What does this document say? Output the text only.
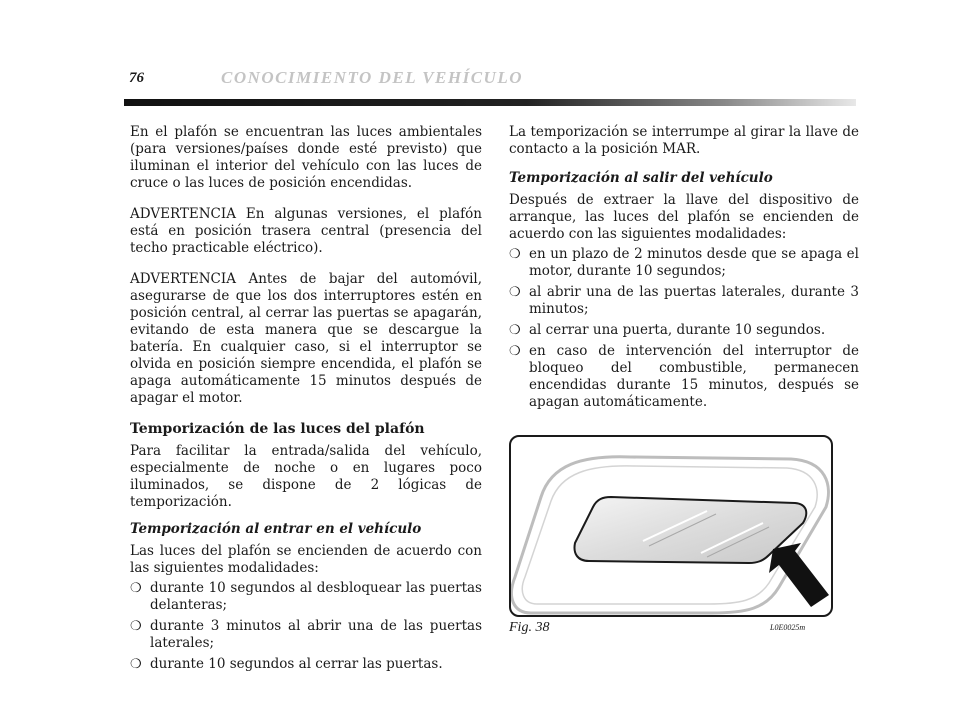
76	CONOCIMIENTO DEL VEHÍCULO

En el plafón se encuentran las luces ambientales (para versiones/países donde esté previsto) que iluminan el interior del vehículo con las luces de cruce o las luces de posición encendidas.

ADVERTENCIA En algunas versiones, el plafón está en posición trasera central (presencia del techo practicable eléctrico).

ADVERTENCIA Antes de bajar del automóvil, asegurarse de que los dos interruptores estén en posición central, al cerrar las puertas se apagarán, evitando de esta manera que se descargue la batería. En cualquier caso, si el interruptor se olvida en posición siempre encendida, el plafón se apaga automáticamente 15 minutos después de apagar el motor.

Temporización de las luces del plafón

Para facilitar la entrada/salida del vehículo, especialmente de noche o en lugares poco iluminados, se dispone de 2 lógicas de temporización.

Temporización al entrar en el vehículo

Las luces del plafón se encienden de acuerdo con las siguientes modalidades:

❍ durante 10 segundos al desbloquear las puertas delanteras;
❍ durante 3 minutos al abrir una de las puertas laterales;
❍ durante 10 segundos al cerrar las puertas.

La temporización se interrumpe al girar la llave de contacto a la posición MAR.

Temporización al salir del vehículo

Después de extraer la llave del dispositivo de arranque, las luces del plafón se encienden de acuerdo con las siguientes modalidades:

❍ en un plazo de 2 minutos desde que se apaga el motor, durante 10 segundos;
❍ al abrir una de las puertas laterales, durante 3 minutos;
❍ al cerrar una puerta, durante 10 segundos.
❍ en caso de intervención del interruptor de bloqueo del combustible, permanecen encendidas durante 15 minutos, después se apagan automáticamente.
Fig. 38	L0E0025m
